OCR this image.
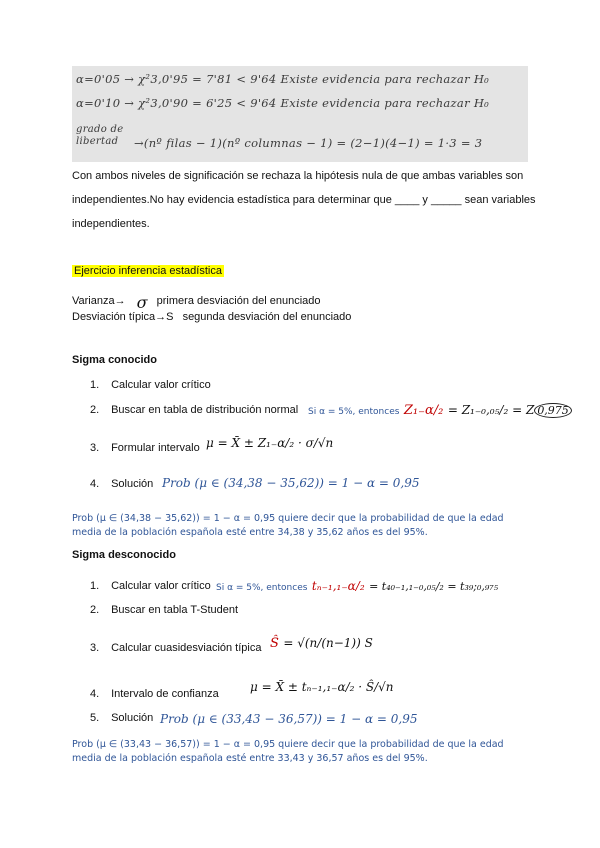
α=0'05 → χ²3,0'95 = 7'81 < 9'64 Existe evidencia para rechazar H₀
α=0'10 → χ²3,0'90 = 6'25 < 9'64 Existe evidencia para rechazar H₀
grado de
libertad	→(nº filas − 1)(nº columnas − 1) = (2−1)(4−1) = 1·3 = 3
Con ambos niveles de significación se rechaza la hipótesis nula de que ambas variables son
independientes.No hay evidencia estadística para determinar que ____ y _____ sean variables
independientes.
Ejercicio inferencia estadística
Varianza→ σ primera desviación del enunciado
Desviación típica→S segunda desviación del enunciado
Sigma conocido
1. Calcular valor crítico
2. Buscar en tabla de distribución normal Si α = 5%, entonces Z₁₋α/₂ = Z₁₋₀,₀₅/₂ = Z 0,975
3. Formular intervalo μ = X̄ ± Z₁₋α/₂ · σ/√n
4. Solución Prob (μ ∈ (34,38 − 35,62)) = 1 − α = 0,95
Prob (μ ∈ (34,38 − 35,62)) = 1 − α = 0,95 quiere decir que la probabilidad de que la edad
media de la población española esté entre 34,38 y 35,62 años es del 95%.
Sigma desconocido
1. Calcular valor crítico Si α = 5%, entonces tₙ₋₁,₁₋α/₂ = t₄₀₋₁,₁₋₀,₀₅/₂ = t₃₉;₀,₉₇₅
2. Buscar en tabla T-Student
3. Calcular cuasidesviación típica Ŝ = √(n/(n−1)) S
4. Intervalo de confianza	μ = X̄ ± tₙ₋₁,₁₋α/₂ · Ŝ/√n
5. Solución Prob (μ ∈ (33,43 − 36,57)) = 1 − α = 0,95
Prob (μ ∈ (33,43 − 36,57)) = 1 − α = 0,95 quiere decir que la probabilidad de que la edad
media de la población española esté entre 33,43 y 36,57 años es del 95%.
